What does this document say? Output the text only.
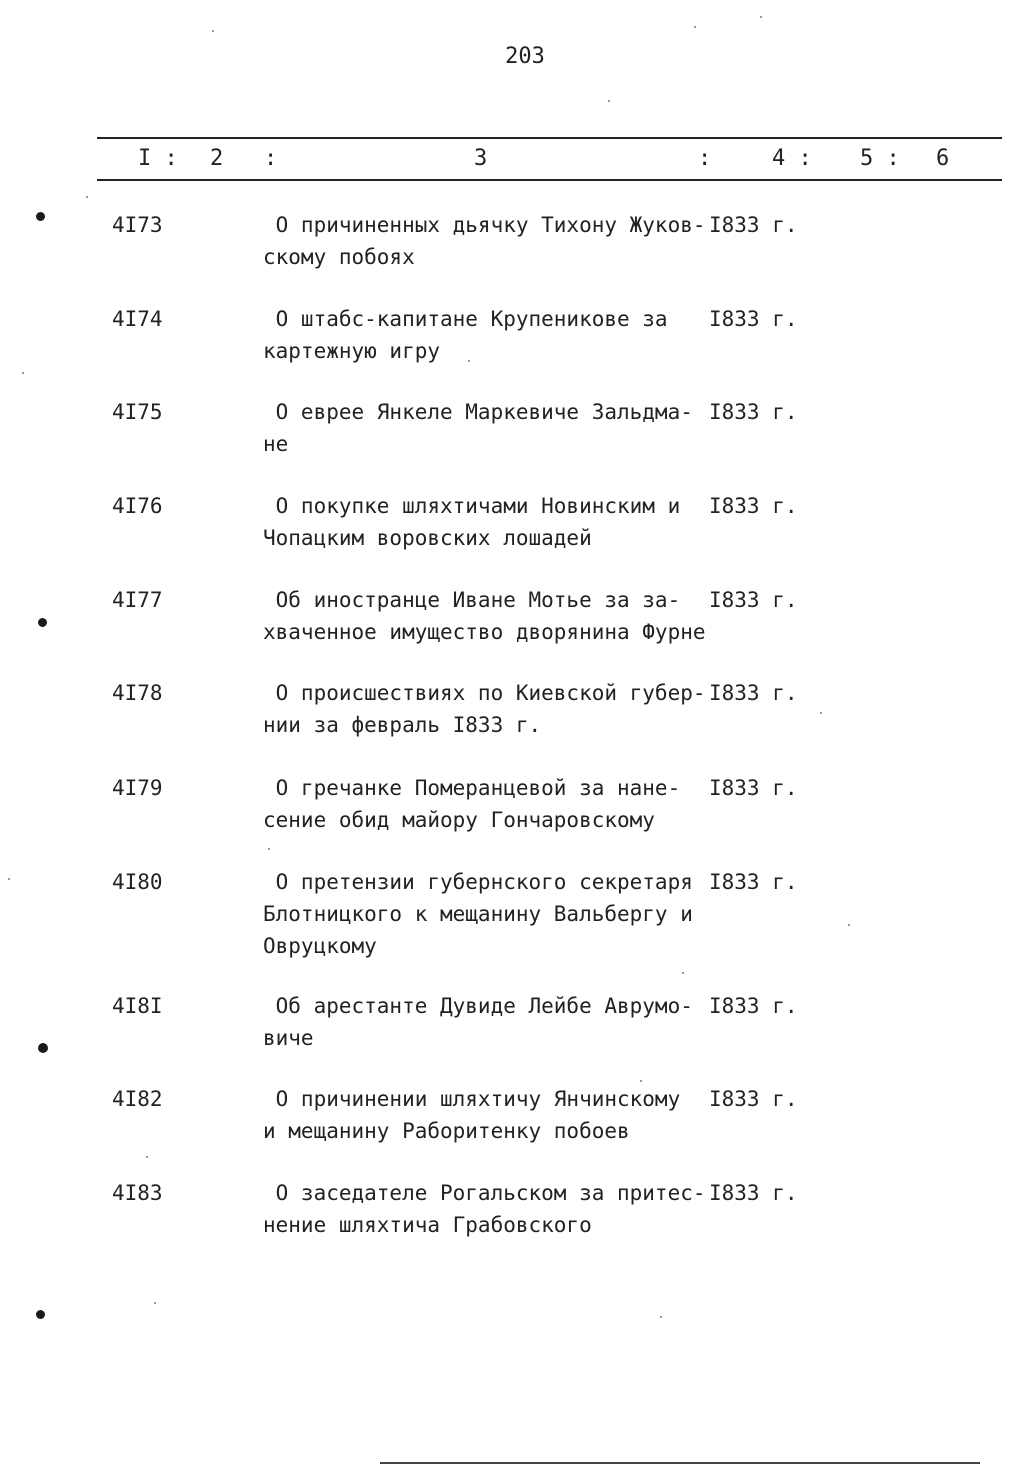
203
I : 2 :	3	:	4 : 5 : 6
4I73	О причиненных дьячку Тихону Жуков-
скому побоях
I833 г.
4I74	О штабс-капитане Крупеникове за
картежную игру
I833 г.
4I75	О еврее Янкеле Маркевиче Зальдма-
не
I833 г.
4I76	О покупке шляхтичами Новинским и
Чопацким воровских лошадей
I833 г.
4I77	Об иностранце Иване Мотье за за-
хваченное имущество дворянина Фурне
I833 г.
4I78	О происшествиях по Киевской губер-
нии за февраль I833 г.
I833 г.
4I79	О гречанке Померанцевой за нане-
сение обид майору Гончаровскому
I833 г.
4I80	О претензии губернского секретаря
Блотницкого к мещанину Вальбергу и
Овруцкому
I833 г.
4I8I	Об арестанте Дувиде Лейбе Аврумо-
виче
I833 г.
4I82	О причинении шляхтичу Янчинскому
и мещанину Раборитенку побоев
I833 г.
4I83	О заседателе Рогальском за притес-
нение шляхтича Грабовского
I833 г.
